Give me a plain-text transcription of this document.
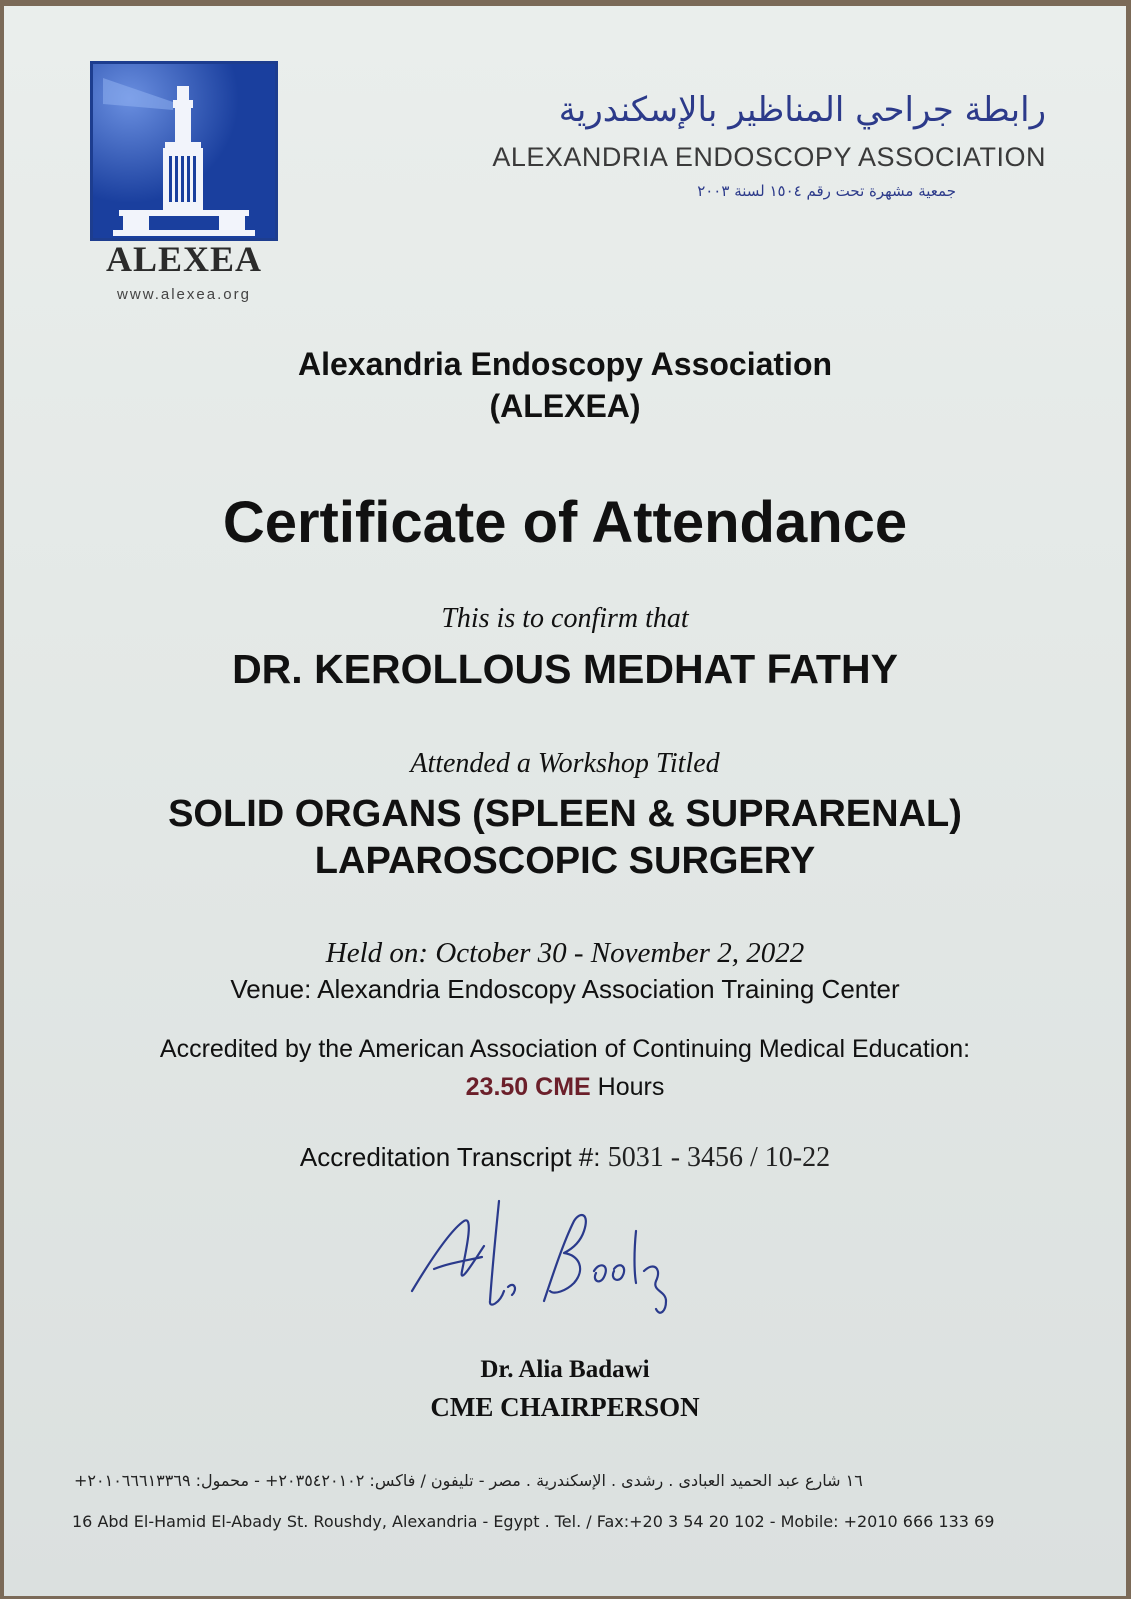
ALEXEA
www.alexea.org
رابطة جراحي المناظير بالإسكندرية
ALEXANDRIA ENDOSCOPY ASSOCIATION
جمعية مشهرة تحت رقم ١٥٠٤ لسنة ٢٠٠٣
Alexandria Endoscopy Association
(ALEXEA)
Certificate of Attendance
This is to confirm that
DR. KEROLLOUS MEDHAT FATHY
Attended a Workshop Titled
SOLID ORGANS (SPLEEN & SUPRARENAL)
LAPAROSCOPIC SURGERY
Held on: October 30 - November 2, 2022
Venue: Alexandria Endoscopy Association Training Center
Accredited by the American Association of Continuing Medical Education:
23.50 CME Hours
Accreditation Transcript #: 5031 - 3456 / 10-22
Dr. Alia Badawi
CME CHAIRPERSON
١٦ شارع عبد الحميد العبادى . رشدى . الإسكندرية . مصر - تليفون / فاكس: ٢٠٣٥٤٢٠١٠٢+ - محمول: ٢٠١٠٦٦٦١٣٣٦٩+
16 Abd El-Hamid El-Abady St. Roushdy, Alexandria - Egypt . Tel. / Fax:+20 3 54 20 102 - Mobile: +2010 666 133 69
